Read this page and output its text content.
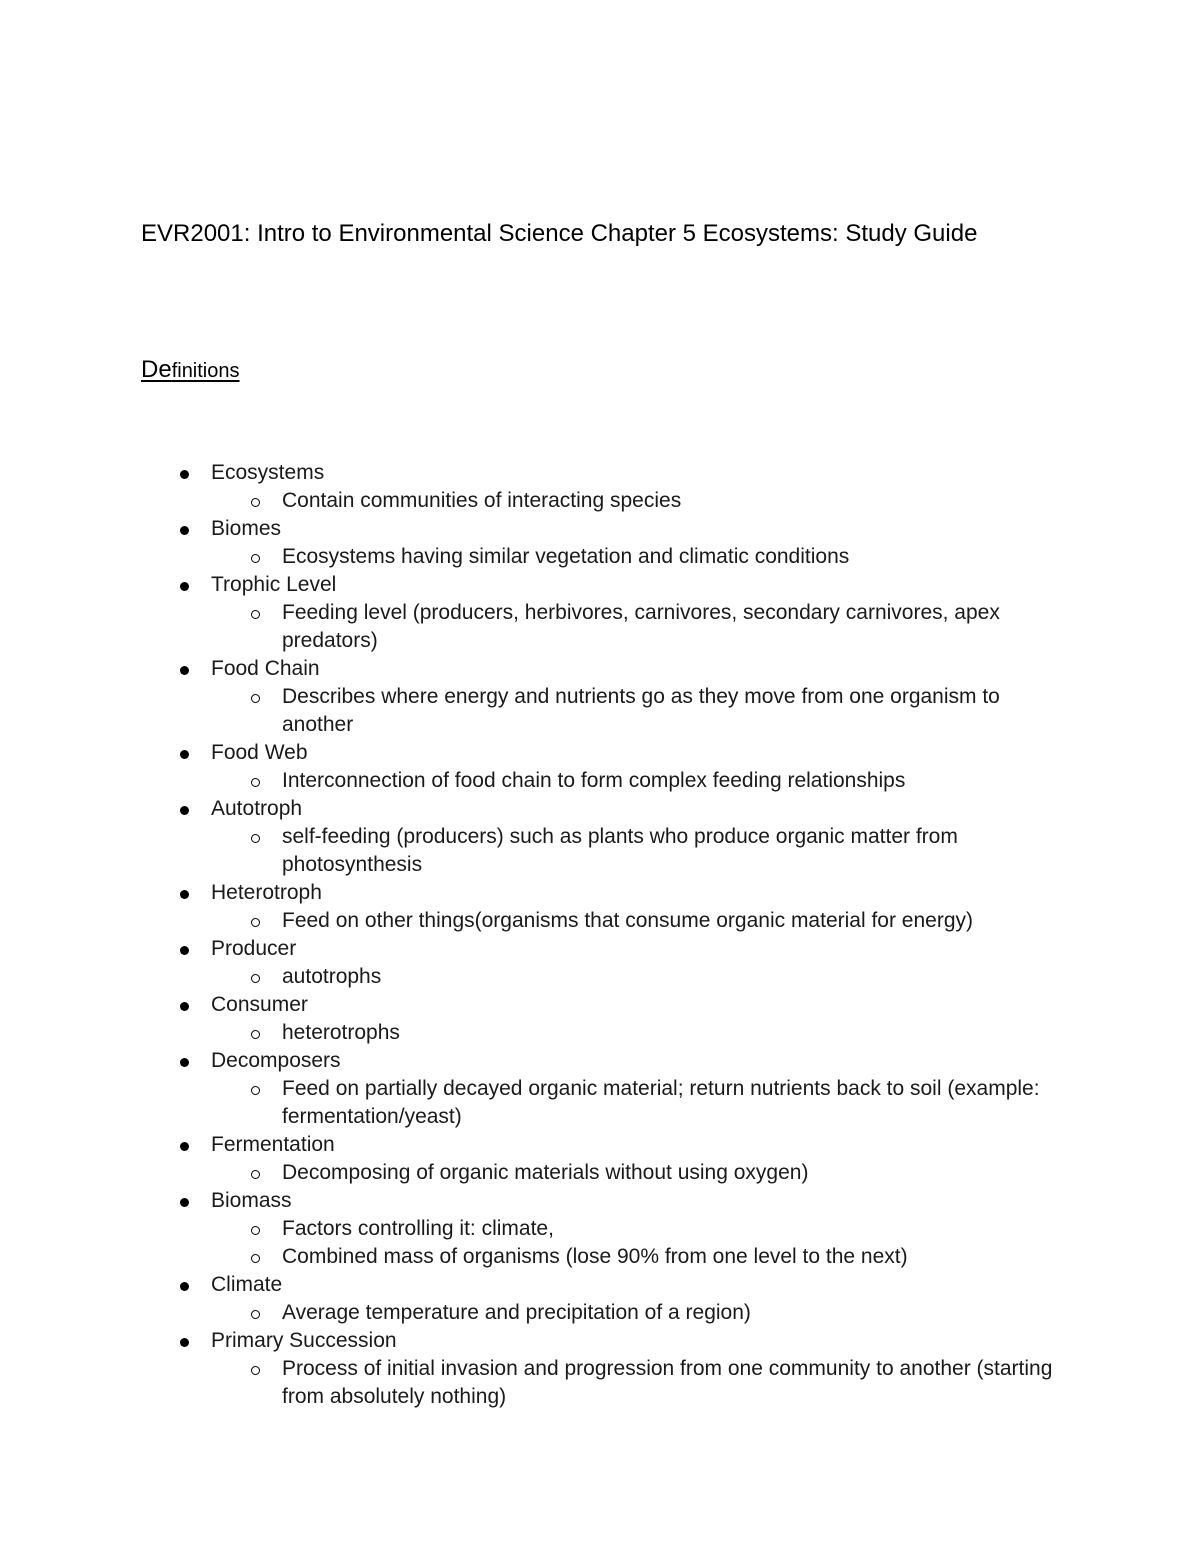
EVR2001: Intro to Environmental Science Chapter 5 Ecosystems: Study Guide
Definitions
Ecosystems
Contain communities of interacting species
Biomes
Ecosystems having similar vegetation and climatic conditions
Trophic Level
Feeding level (producers, herbivores, carnivores, secondary carnivores, apex predators)
Food Chain
Describes where energy and nutrients go as they move from one organism to another
Food Web
Interconnection of food chain to form complex feeding relationships
Autotroph
self-feeding (producers) such as plants who produce organic matter from photosynthesis
Heterotroph
Feed on other things(organisms that consume organic material for energy)
Producer
autotrophs
Consumer
heterotrophs
Decomposers
Feed on partially decayed organic material; return nutrients back to soil (example: fermentation/yeast)
Fermentation
Decomposing of organic materials without using oxygen)
Biomass
Factors controlling it: climate,
Combined mass of organisms (lose 90% from one level to the next)
Climate
Average temperature and precipitation of a region)
Primary Succession
Process of initial invasion and progression from one community to another (starting from absolutely nothing)
